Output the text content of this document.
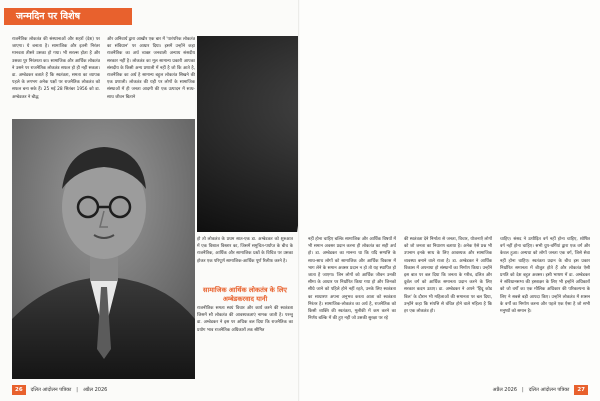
जन्मदिन पर विशेष
राजनैतिक लोकतंत्र की संस्थानाओं और शहरों (देश) पर जाएगा। ये बनाता है। सामाजिक और इतनी निरंतर मानवता तीसरे उसका हो गया। भी सरल्स होता है और उसका पुर निरंतरता का। सामाजिक और आर्थिक लोकतंत्र ने उसने पर राजनैतिक लोकतंत्र सफल हो ही नहीं सकता। डा. अम्बेडकर बताते हैं कि स्वतंत्रता, समता का व्यापक पहले के लगभग अनेक पक्षों पर राजनैतिक लोकतंत्र को सफल बना सके हैं। 25 मई 28 सितंबर 1956 को डा. अम्बेडकर ने बौद्ध
और अनिवार्य द्वारा आखीर एक बार में 'पारंपरिक लोकतंत्र का संविधान' पर आधार दिया। इसमें उन्होंने कहा राजनैतिक का अर्थ व्यक्त जनवाली अन्याय संसदीय सरकार नहीं है। लोकतंत्र का मूल सामान्य प्रकारी आपका संसदीय के किसी अन्य प्रणाली में नहीं है जो कि आते है, राजनैतिक का अर्थ है सामान्य बहुल लोकतंत्र सिखने की एक प्रणाली। लोकतंत्र की यही पर लोगों के सामाजिक संस्थाओं में ही जनता आदमी की एक उत्पादन में साथ-साथ जीवन बिताने
हो तो लोकतंत्र के प्रथम सात-एक डा. अम्बेडकर को शुरुआत में एक विशाल विस्तार का, जिसमें समुचित-पर्याप्त के बीच के राजनैतिक, आर्थिक और सामाजिक प्रश्नों के विचित्र पर उसका होकर एक परिपूर्ण सामाजिक-आर्थिक पूर्ण रिलीफ करने है।
सामाजिक आर्थिक लोकतंत्र के लिए अम्बेडकरवाद यानी
राजनीतिक समता स्वयं विचार और कार्य करने की स्वतंत्रता जिसमें सौ लोकतंत्र की आवश्यकताएं नामक जाती है। परन्तु डा. अम्बेडकर ने इस पर अधिक बल दिया कि राजनैतिक का प्रयोग भाव राजनैतिक अधिकारों तक सीमित
26	दलित आंदोलन पत्रिका	|	अप्रैल 2026
नहीं होना चाहिए बल्कि सामाजिक और आर्थिक विषयों में भी समान अवसर प्रदान करना ही लोकतंत्र का सही अर्थ हो। डा. अम्बेडकर का मानना था कि यदि सम्पत्ति के साथ-साथ लोगों को सामाजिक और आर्थिक विकास में भाग लेने के समान अवसर प्रदान न हो तो यह स्थापित हो जाता है जाएगा। जिन लोगों को आर्थिक जीवन उनकी सीमा के आधार पर निर्धारित किया गया हो और जिनको सीधे जाने को पहिले होने नहीं रहते, उनके लिए स्वतंत्रता का साधारण अपना अनुभव करता आता को स्वतंत्रता निरंतर है। सामाजिक-लोकतंत्र का अर्थ है, राजनैतिक को किसी व्यक्ति की स्वतंत्रता, मूलीकी में कम करने का निर्णय बल्कि में की हुए नहीं जो उसकी सुरक्षा पर रहे
की स्वतंत्रता देने निर्माता से जनता, विचार, योजनाएँ लोगों को जो जनता का निधारण बताया है। अनेक ऐसे प्रश्न भी उपनाम इनके साथ के लिए आवश्यक और सामाजिक व्यवस्था बनाने वाले राजा है। डा. अम्बेडकर ने आर्थिक विकास में अपनाया हो संस्थानों का निर्माण किया। उन्होंने इस बात पर बल दिया कि जनता के गरीब, दलित और दुर्बल वर्ग को आर्थिक समानता प्रदान करने के लिए सरकार कदम उठाए। डा. अम्बेडकर ने अपने 'हिंदू कोड बिल' के दौरान भी महिलाओं की समानता पर बल दिया, उन्होंने कहा कि संपत्ति से वंचित होने वाले महिला है कि हर एक लोकतंत्र हो।
चाहिए। संसद ने उत्पीड़ित वर्ग नहीं होना चाहिए, शोषित वर्ग नहीं होना चाहिए। सभी ग्रुप-वर्गियां द्वारा एक वर्ग और केवल हुआ। अन्यथा को लोगों जनता एक वर्ग, जिसे सेवा नहीं होना चाहिए। स्वतंत्रता प्रदान के बीच इस प्रकार निर्धारित समानता में बीजुत होते हैं और लोकतंत्र ऐसी प्रगति को देश बहुत अवसर। इसी भाषण में डा. अम्बेडकर ने संविधानसभा की हस्ताक्षर के लिए भी इन्होंने अधिकारों को जो वर्गों का एक मौलिक अधिकार की परिकल्पना के लिए ने सबसे बड़ी आपदा किए। उन्होंने लोकतंत्र में शासन के वर्गों का निर्माण करना और पहले एक ऐसा है जो सभी मनुष्यों को समान है।
अप्रैल 2026	|	दलित आंदोलन पत्रिका	27
